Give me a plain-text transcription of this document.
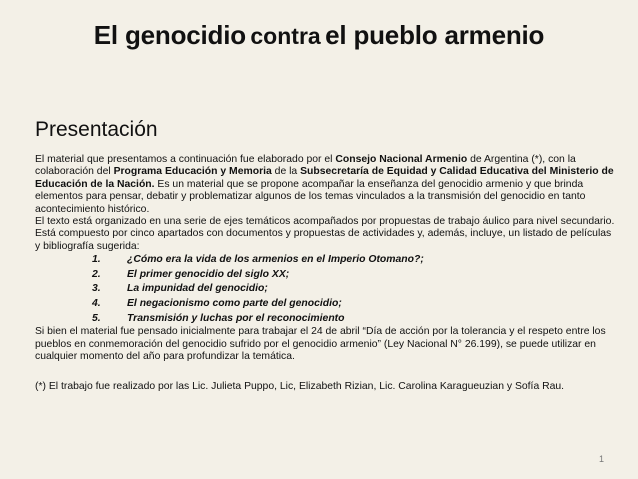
El genocidio contra el pueblo armenio
Presentación

El material que presentamos a continuación fue elaborado por el Consejo Nacional Armenio de Argentina (*), con la colaboración del Programa Educación y Memoria de la Subsecretaría de Equidad y Calidad Educativa del Ministerio de Educación de la Nación. Es un material que se propone acompañar la enseñanza del genocidio armenio y que brinda elementos para pensar, debatir y problematizar algunos de los temas vinculados a la transmisión del genocidio en tanto acontecimiento histórico.

El texto está organizado en una serie de ejes temáticos acompañados por propuestas de trabajo áulico para nivel secundario. Está compuesto por cinco apartados con documentos y propuestas de actividades y, además, incluye, un listado de películas y bibliografía sugerida:

1.	¿Cómo era la vida de los armenios en el Imperio Otomano?;
2.	El primer genocidio del siglo XX;
3.	La impunidad del genocidio;
4.	El negacionismo como parte del genocidio;
5.	Transmisión y luchas por el reconocimiento

Si bien el material fue pensado inicialmente para trabajar el 24 de abril “Día de acción por la tolerancia y el respeto entre los pueblos en conmemoración del genocidio sufrido por el genocidio armenio” (Ley Nacional N° 26.199), se puede utilizar en cualquier momento del año para profundizar la temática.

(*) El trabajo fue realizado por las Lic. Julieta Puppo, Lic, Elizabeth Rizian, Lic. Carolina Karagueuzian y Sofía Rau.

1
